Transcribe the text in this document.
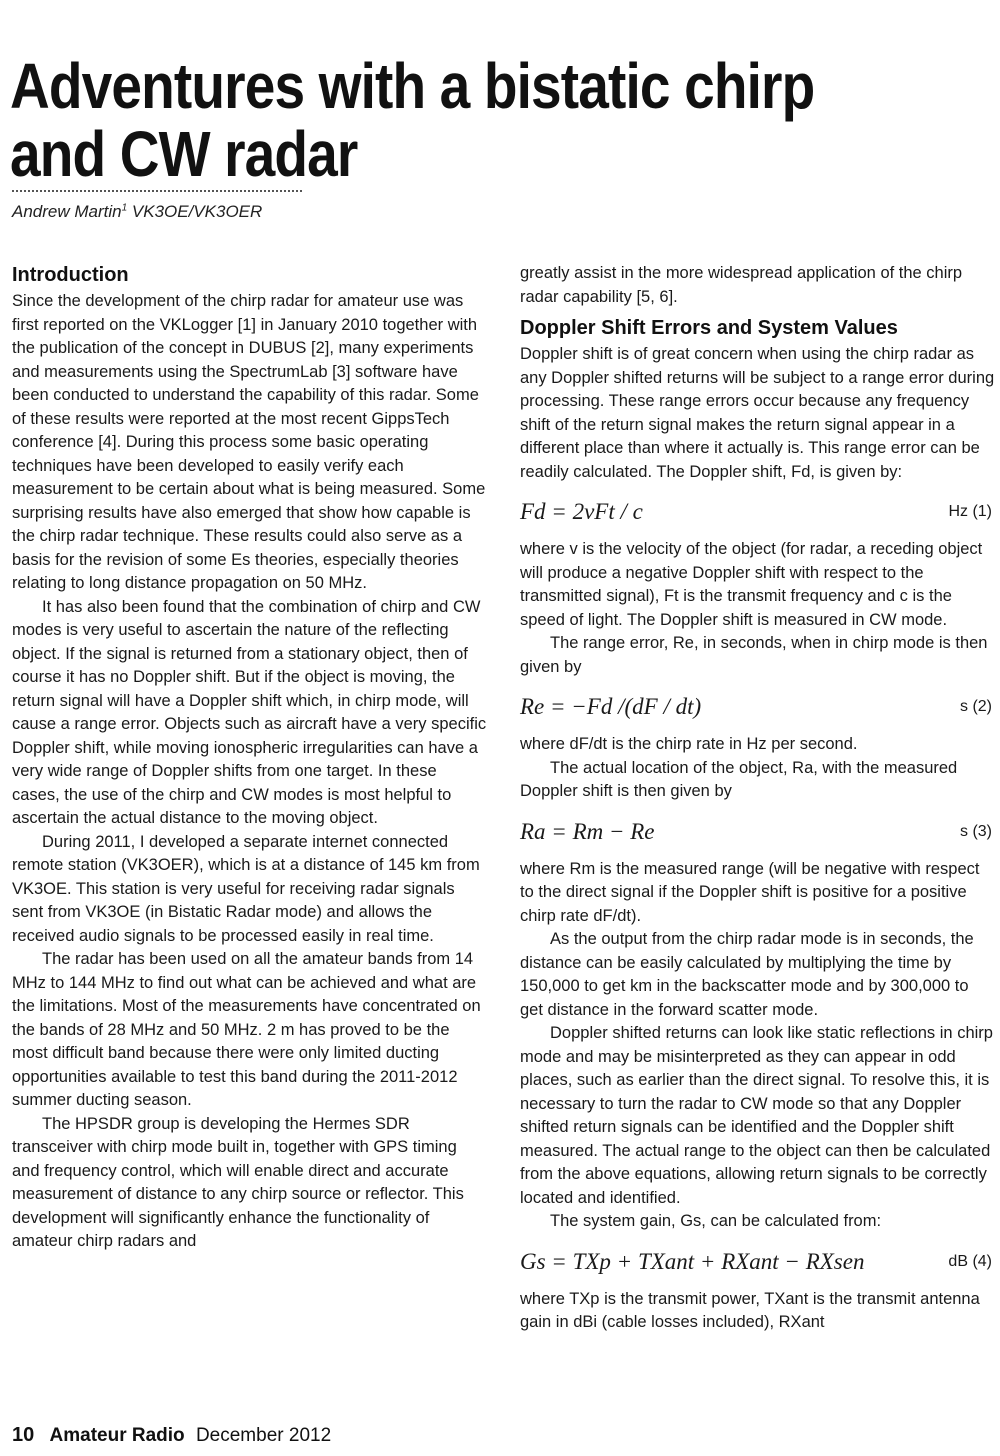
Adventures with a bistatic chirp and CW radar
Andrew Martin$^1$ VK3OE/VK3OER
Introduction

Since the development of the chirp radar for amateur use was first reported on the VKLogger [1] in January 2010 together with the publication of the concept in DUBUS [2], many experiments and measurements using the SpectrumLab [3] software have been conducted to understand the capability of this radar. Some of these results were reported at the most recent GippsTech conference [4]. During this process some basic operating techniques have been developed to easily verify each measurement to be certain about what is being measured. Some surprising results have also emerged that show how capable is the chirp radar technique. These results could also serve as a basis for the revision of some Es theories, especially theories relating to long distance propagation on 50 MHz.

It has also been found that the combination of chirp and CW modes is very useful to ascertain the nature of the reflecting object. If the signal is returned from a stationary object, then of course it has no Doppler shift. But if the object is moving, the return signal will have a Doppler shift which, in chirp mode, will cause a range error. Objects such as aircraft have a very specific Doppler shift, while moving ionospheric irregularities can have a very wide range of Doppler shifts from one target. In these cases, the use of the chirp and CW modes is most helpful to ascertain the actual distance to the moving object.

During 2011, I developed a separate internet connected remote station (VK3OER), which is at a distance of 145 km from VK3OE. This station is very useful for receiving radar signals sent from VK3OE (in Bistatic Radar mode) and allows the received audio signals to be processed easily in real time.

The radar has been used on all the amateur bands from 14 MHz to 144 MHz to find out what can be achieved and what are the limitations. Most of the measurements have concentrated on the bands of 28 MHz and 50 MHz. 2 m has proved to be the most difficult band because there were only limited ducting opportunities available to test this band during the 2011-2012 summer ducting season.

The HPSDR group is developing the Hermes SDR transceiver with chirp mode built in, together with GPS timing and frequency control, which will enable direct and accurate measurement of distance to any chirp source or reflector. This development will significantly enhance the functionality of amateur chirp radars and

greatly assist in the more widespread application of the chirp radar capability [5, 6].

Doppler Shift Errors and System Values

Doppler shift is of great concern when using the chirp radar as any Doppler shifted returns will be subject to a range error during processing. These range errors occur because any frequency shift of the return signal makes the return signal appear in a different place than where it actually is. This range error can be readily calculated. The Doppler shift, Fd, is given by:

Fd = 2vFt / c	Hz (1)

where v is the velocity of the object (for radar, a receding object will produce a negative Doppler shift with respect to the transmitted signal), Ft is the transmit frequency and c is the speed of light. The Doppler shift is measured in CW mode.

The range error, Re, in seconds, when in chirp mode is then given by

Re = −Fd /(dF / dt)	s (2)

where dF/dt is the chirp rate in Hz per second.

The actual location of the object, Ra, with the measured Doppler shift is then given by

Ra = Rm − Re	s (3)

where Rm is the measured range (will be negative with respect to the direct signal if the Doppler shift is positive for a positive chirp rate dF/dt).

As the output from the chirp radar mode is in seconds, the distance can be easily calculated by multiplying the time by 150,000 to get km in the backscatter mode and by 300,000 to get distance in the forward scatter mode.

Doppler shifted returns can look like static reflections in chirp mode and may be misinterpreted as they can appear in odd places, such as earlier than the direct signal. To resolve this, it is necessary to turn the radar to CW mode so that any Doppler shifted return signals can be identified and the Doppler shift measured. The actual range to the object can then be calculated from the above equations, allowing return signals to be correctly located and identified.

The system gain, Gs, can be calculated from:

Gs = TXp + TXant + RXant − RXsen	dB (4)

where TXp is the transmit power, TXant is the transmit antenna gain in dBi (cable losses included), RXant

10 Amateur Radio December 2012
